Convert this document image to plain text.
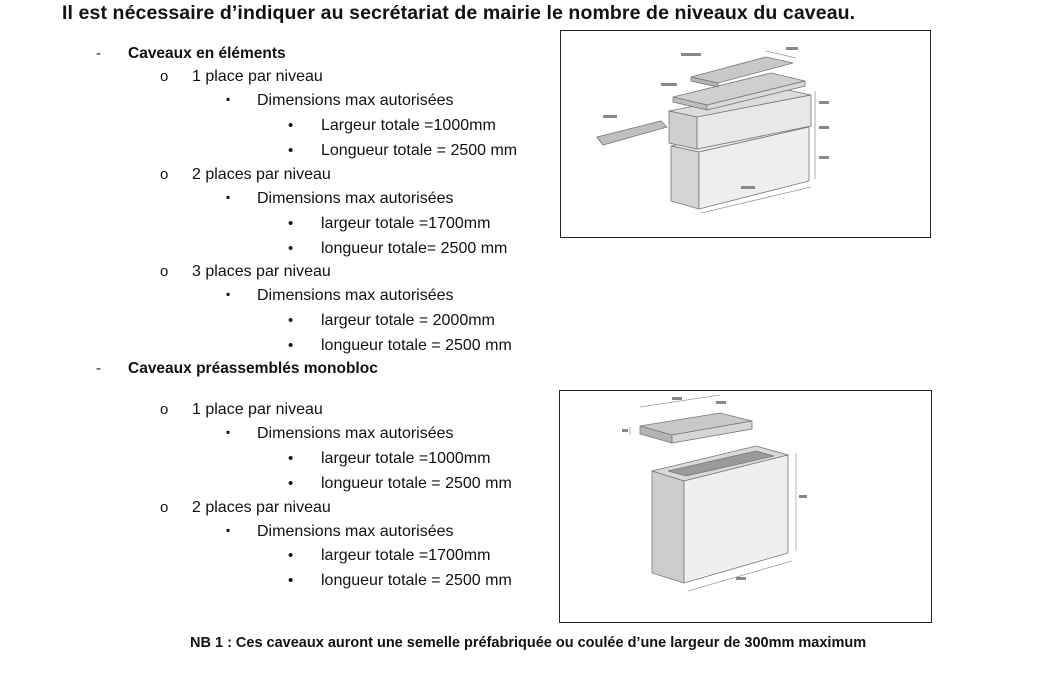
Il est nécessaire d’indiquer au secrétariat de mairie le nombre de niveaux du caveau.
- Caveaux en éléments
o 1 place par niveau
▪ Dimensions max autorisées
• Largeur totale =1000mm
• Longueur totale = 2500 mm
o 2 places par niveau
▪ Dimensions max autorisées
• largeur totale =1700mm
• longueur totale= 2500 mm
o 3 places par niveau
▪ Dimensions max autorisées
• largeur totale = 2000mm
• longueur totale = 2500 mm
- Caveaux préassemblés monobloc
o 1 place par niveau
▪ Dimensions max autorisées
• largeur totale =1000mm
• longueur totale = 2500 mm
o 2 places par niveau
▪ Dimensions max autorisées
• largeur totale =1700mm
• longueur totale = 2500 mm
NB 1 : Ces caveaux auront une semelle préfabriquée ou coulée d’une largeur de 300mm maximum
